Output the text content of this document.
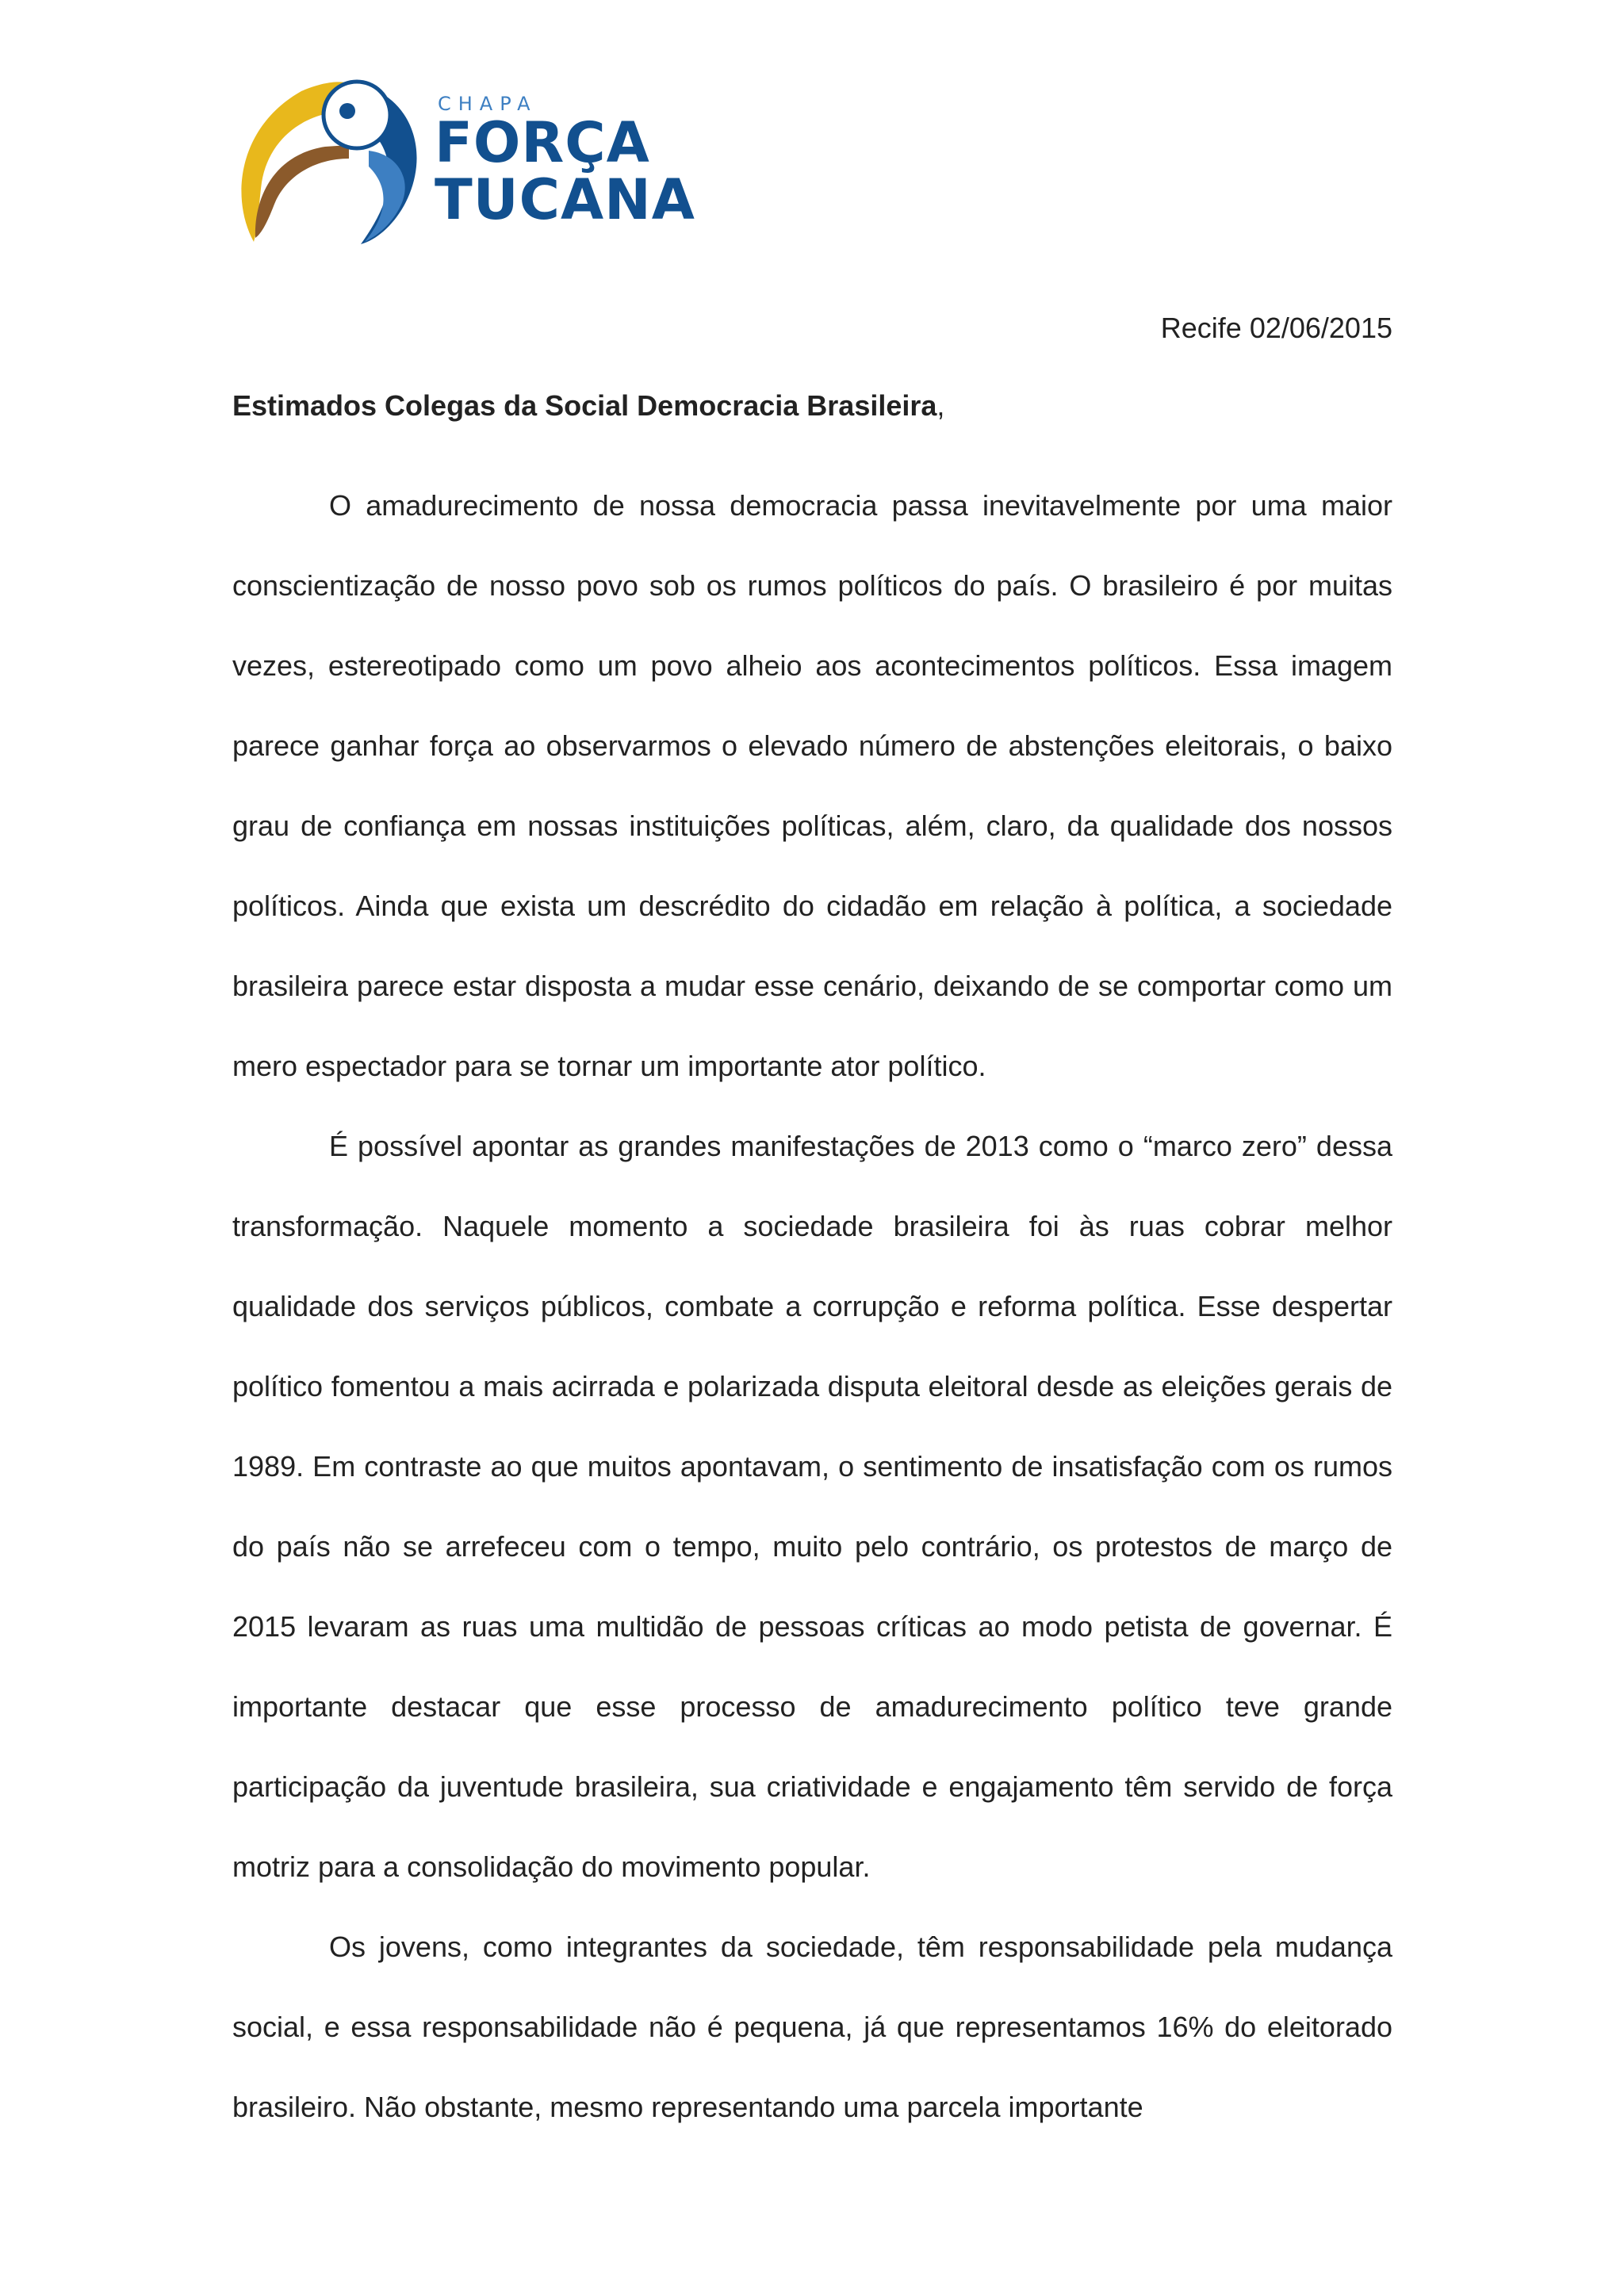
CHAPA
FORÇA
TUCANA
Recife 02/06/2015

Estimados Colegas da Social Democracia Brasileira,

O amadurecimento de nossa democracia passa inevitavelmente por uma maior conscientização de nosso povo sob os rumos políticos do país. O brasileiro é por muitas vezes, estereotipado como um povo alheio aos acontecimentos políticos. Essa imagem parece ganhar força ao observarmos o elevado número de abstenções eleitorais, o baixo grau de confiança em nossas instituições políticas, além, claro, da qualidade dos nossos políticos. Ainda que exista um descrédito do cidadão em relação à política, a sociedade brasileira parece estar disposta a mudar esse cenário, deixando de se comportar como um mero espectador para se tornar um importante ator político.

É possível apontar as grandes manifestações de 2013 como o “marco zero” dessa transformação. Naquele momento a sociedade brasileira foi às ruas cobrar melhor qualidade dos serviços públicos, combate a corrupção e reforma política. Esse despertar político fomentou a mais acirrada e polarizada disputa eleitoral desde as eleições gerais de 1989. Em contraste ao que muitos apontavam, o sentimento de insatisfação com os rumos do país não se arrefeceu com o tempo, muito pelo contrário, os protestos de março de 2015 levaram as ruas uma multidão de pessoas críticas ao modo petista de governar. É importante destacar que esse processo de amadurecimento político teve grande participação da juventude brasileira, sua criatividade e engajamento têm servido de força motriz para a consolidação do movimento popular.

Os jovens, como integrantes da sociedade, têm responsabilidade pela mudança social, e essa responsabilidade não é pequena, já que representamos 16% do eleitorado brasileiro. Não obstante, mesmo representando uma parcela importante
